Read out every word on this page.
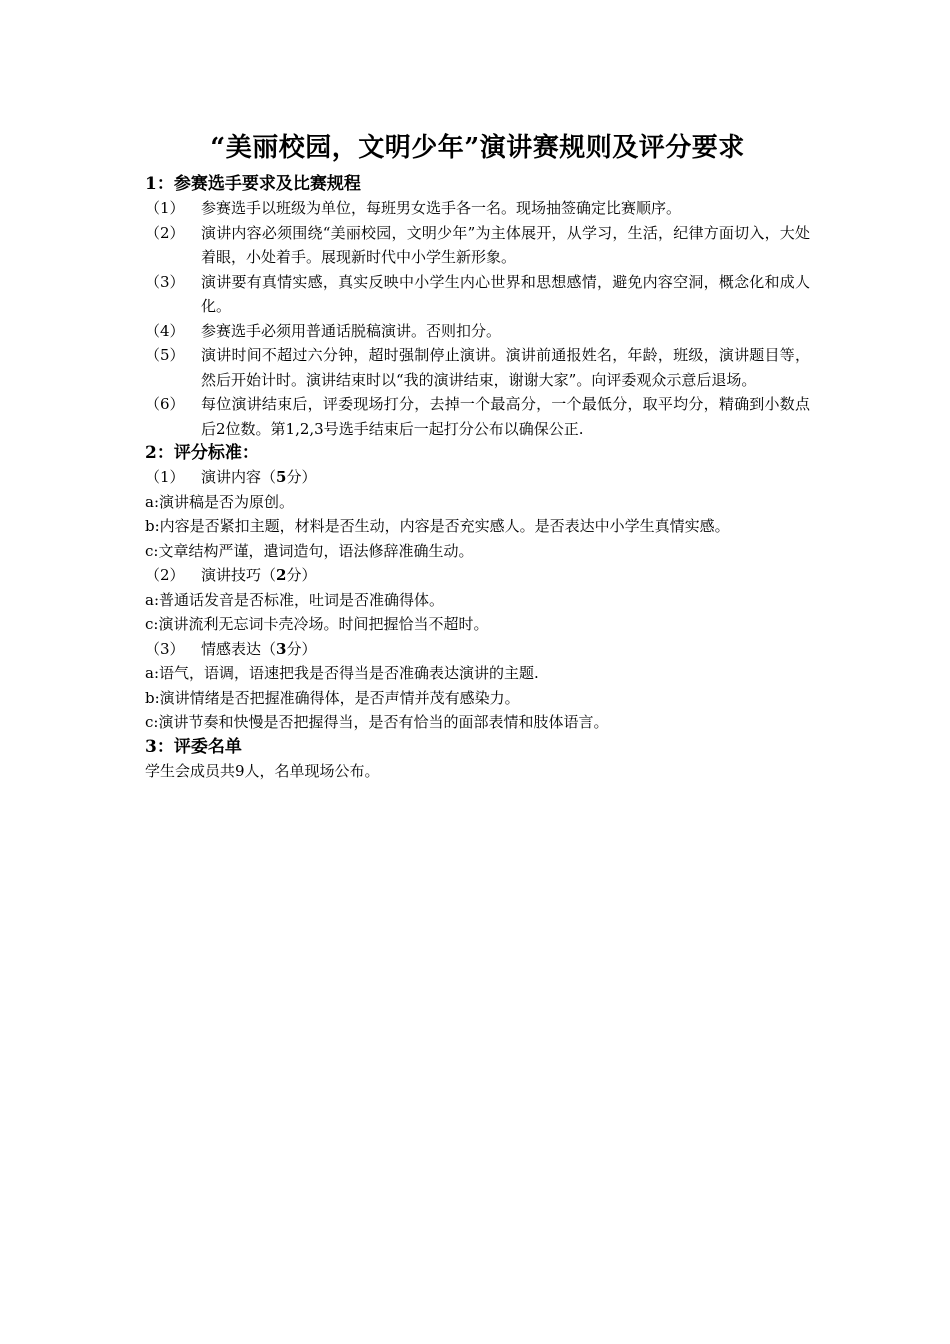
“美丽校园，文明少年”演讲赛规则及评分要求
1：参赛选手要求及比赛规程
（1）	参赛选手以班级为单位，每班男女选手各一名。现场抽签确定比赛顺序。
（2）	演讲内容必须围绕“美丽校园，文明少年”为主体展开，从学习，生活，纪律方面切入，大处着眼，小处着手。展现新时代中小学生新形象。
（3）	演讲要有真情实感，真实反映中小学生内心世界和思想感情，避免内容空洞，概念化和成人化。
（4）	参赛选手必须用普通话脱稿演讲。否则扣分。
（5）	演讲时间不超过六分钟，超时强制停止演讲。演讲前通报姓名，年龄，班级，演讲题目等，然后开始计时。演讲结束时以“我的演讲结束，谢谢大家”。向评委观众示意后退场。
（6）	每位演讲结束后，评委现场打分，去掉一个最高分，一个最低分，取平均分，精确到小数点后2位数。第1,2,3号选手结束后一起打分公布以确保公正.
2：评分标准：
（1）	演讲内容（5分）
a:演讲稿是否为原创。
b:内容是否紧扣主题，材料是否生动，内容是否充实感人。是否表达中小学生真情实感。
c:文章结构严谨，遣词造句，语法修辞准确生动。
（2）	演讲技巧（2分）
a:普通话发音是否标准，吐词是否准确得体。
c:演讲流利无忘词卡壳冷场。时间把握恰当不超时。
（3）	情感表达（3分）
a:语气，语调，语速把我是否得当是否准确表达演讲的主题.
b:演讲情绪是否把握准确得体，是否声情并茂有感染力。
c:演讲节奏和快慢是否把握得当，是否有恰当的面部表情和肢体语言。
3：评委名单
学生会成员共9人，名单现场公布。
